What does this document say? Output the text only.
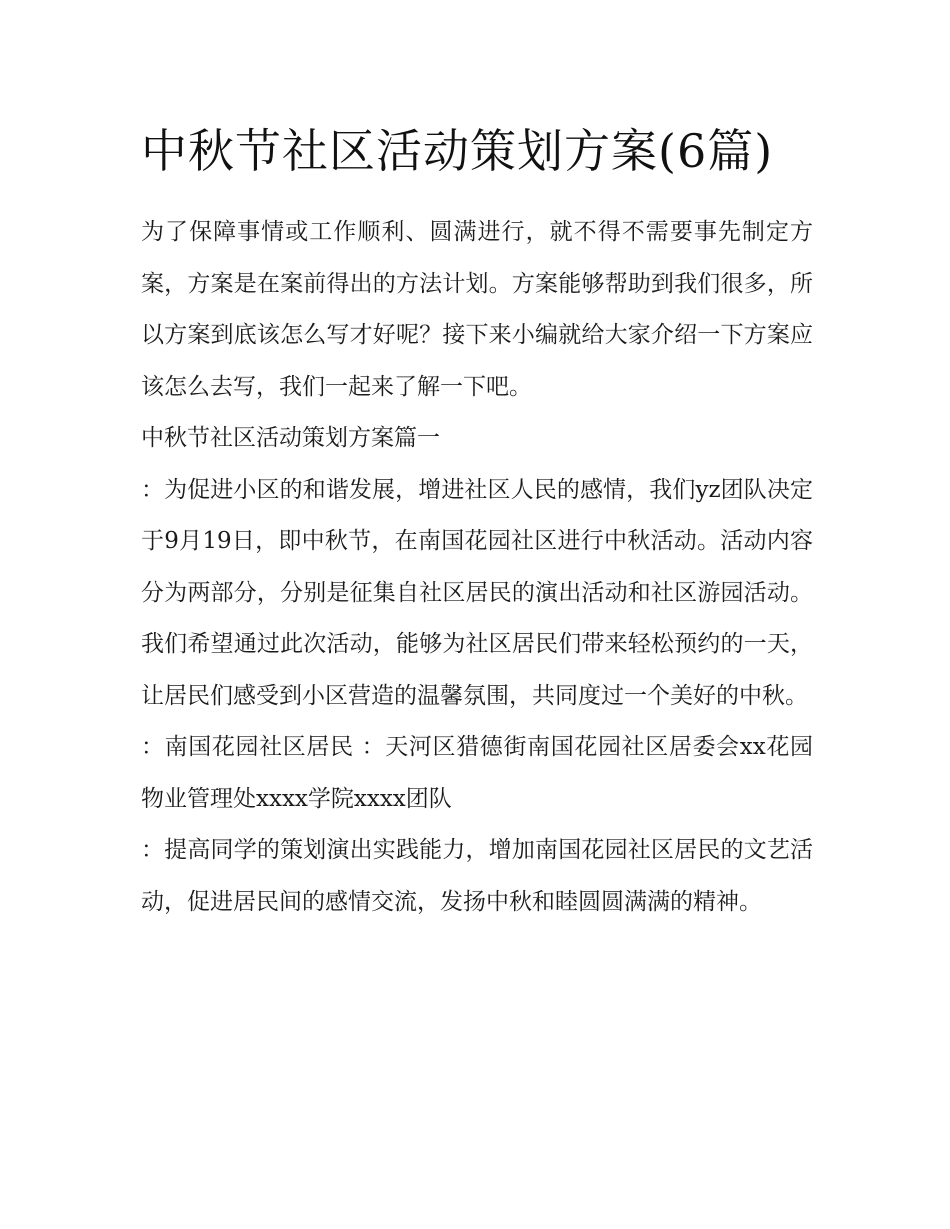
中秋节社区活动策划方案(6篇)

为了保障事情或工作顺利、圆满进行，就不得不需要事先制定方案，方案是在案前得出的方法计划。方案能够帮助到我们很多，所以方案到底该怎么写才好呢？接下来小编就给大家介绍一下方案应该怎么去写，我们一起来了解一下吧。

中秋节社区活动策划方案篇一

：为促进小区的和谐发展，增进社区人民的感情，我们yz团队决定于9月19日，即中秋节，在南国花园社区进行中秋活动。活动内容分为两部分，分别是征集自社区居民的演出活动和社区游园活动。我们希望通过此次活动，能够为社区居民们带来轻松预约的一天，让居民们感受到小区营造的温馨氛围，共同度过一个美好的中秋。

：南国花园社区居民 ：天河区猎德街南国花园社区居委会xx花园物业管理处xxxx学院xxxx团队

：提高同学的策划演出实践能力，增加南国花园社区居民的文艺活动，促进居民间的感情交流，发扬中秋和睦圆圆满满的精神。
